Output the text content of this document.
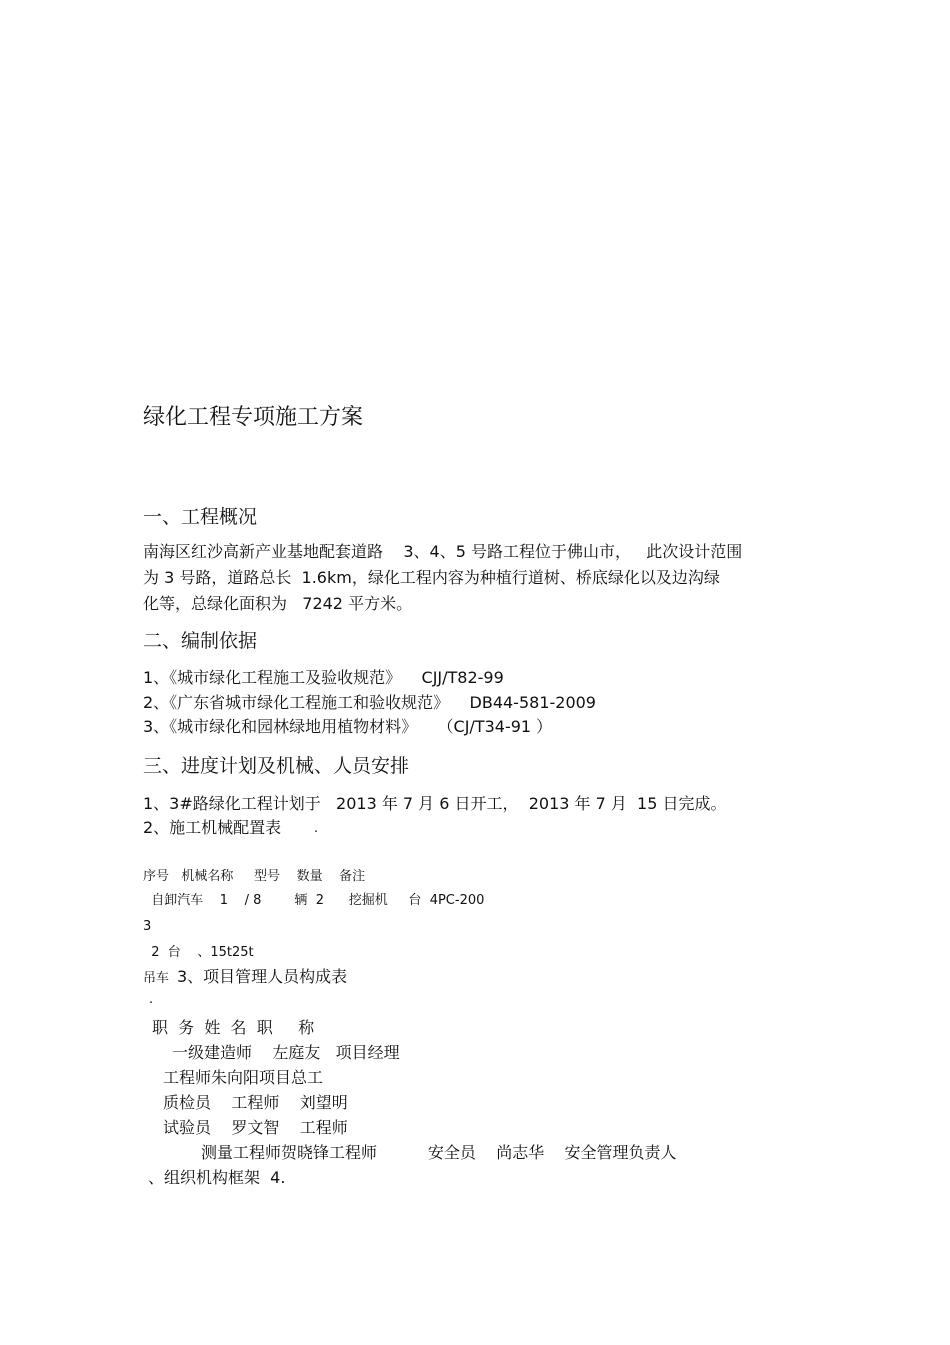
绿化工程专项施工方案
一、工程概况
南海区红沙高新产业基地配套道路    3、4、5 号路工程位于佛山市，   此次设计范围
为 3 号路，道路总长  1.6km，绿化工程内容为种植行道树、桥底绿化以及边沟绿
化等，总绿化面积为   7242 平方米。
二、编制依据
1、《城市绿化工程施工及验收规范》    CJJ/T82-99
2、《广东省城市绿化工程施工和验收规范》    DB44-581-2009
3、《城市绿化和园林绿地用植物材料》    （CJ/T34-91 ）
三、进度计划及机械、人员安排
1、3#路绿化工程计划于   2013 年 7 月 6 日开工，  2013 年 7 月  15 日完成。
2、施工机械配置表	·
序号   机械名称     型号    数量    备注
自卸汽车    1    / 8        辆  2      挖掘机     台  4PC-200
3
2  台    、15t25t
吊车 3、项目管理人员构成表
·
职  务  姓  名  职     称
一级建造师    左庭友   项目经理
工程师朱向阳项目总工
质检员    工程师    刘望明
试验员    罗文智    工程师
测量工程师贺晓锋工程师          安全员    尚志华    安全管理负责人
、组织机构框架  4.
